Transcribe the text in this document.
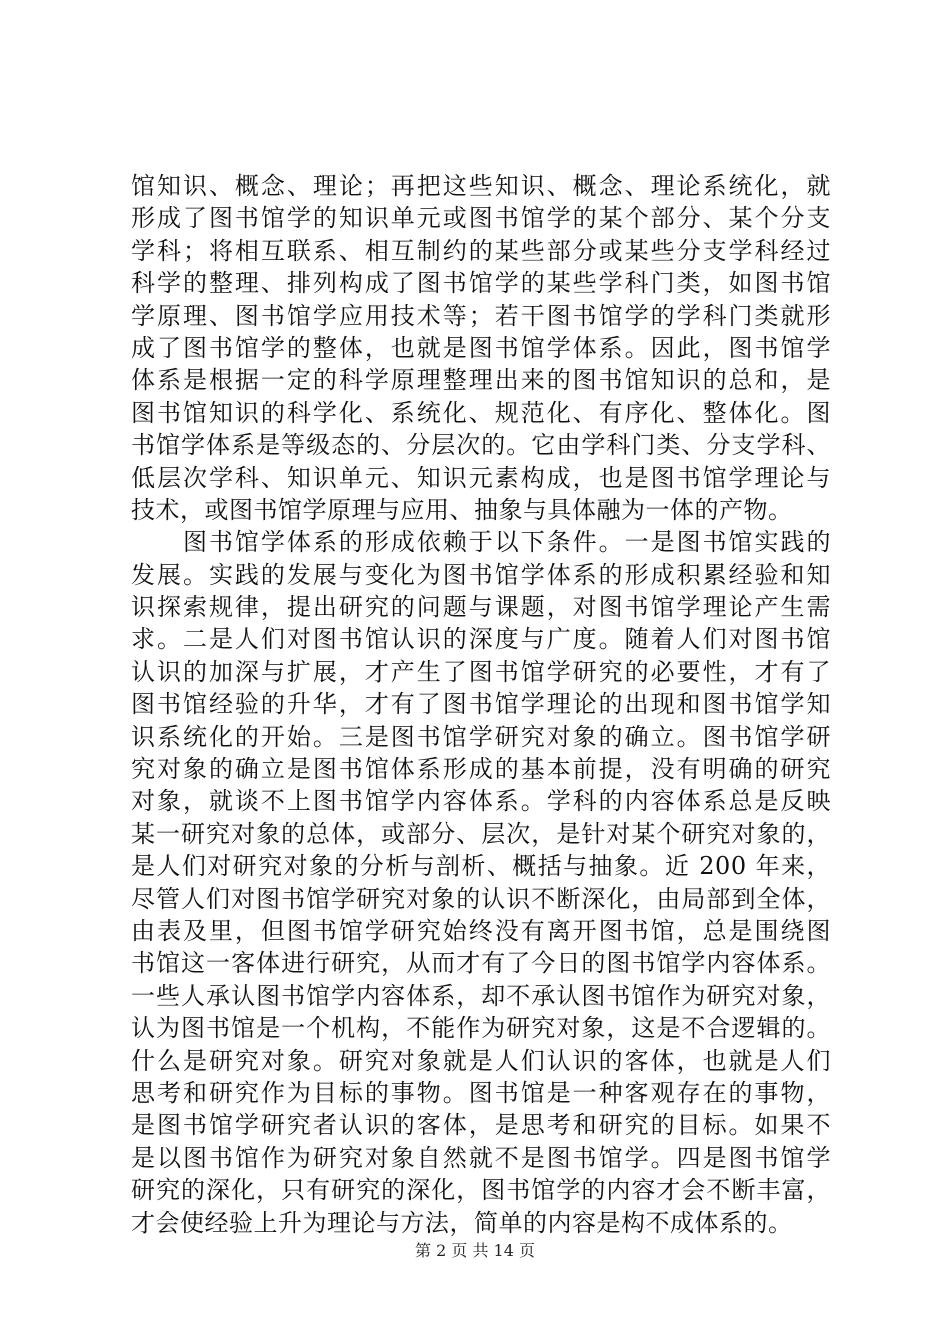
馆知识、概念、理论；再把这些知识、概念、理论系统化，就
形成了图书馆学的知识单元或图书馆学的某个部分、某个分支
学科；将相互联系、相互制约的某些部分或某些分支学科经过
科学的整理、排列构成了图书馆学的某些学科门类，如图书馆
学原理、图书馆学应用技术等；若干图书馆学的学科门类就形
成了图书馆学的整体，也就是图书馆学体系。因此，图书馆学
体系是根据一定的科学原理整理出来的图书馆知识的总和，是
图书馆知识的科学化、系统化、规范化、有序化、整体化。图
书馆学体系是等级态的、分层次的。它由学科门类、分支学科、
低层次学科、知识单元、知识元素构成，也是图书馆学理论与
技术，或图书馆学原理与应用、抽象与具体融为一体的产物。
　　图书馆学体系的形成依赖于以下条件。一是图书馆实践的
发展。实践的发展与变化为图书馆学体系的形成积累经验和知
识探索规律，提出研究的问题与课题，对图书馆学理论产生需
求。二是人们对图书馆认识的深度与广度。随着人们对图书馆
认识的加深与扩展，才产生了图书馆学研究的必要性，才有了
图书馆经验的升华，才有了图书馆学理论的出现和图书馆学知
识系统化的开始。三是图书馆学研究对象的确立。图书馆学研
究对象的确立是图书馆体系形成的基本前提，没有明确的研究
对象，就谈不上图书馆学内容体系。学科的内容体系总是反映
某一研究对象的总体，或部分、层次，是针对某个研究对象的，
是人们对研究对象的分析与剖析、概括与抽象。近 200 年来，
尽管人们对图书馆学研究对象的认识不断深化，由局部到全体，
由表及里，但图书馆学研究始终没有离开图书馆，总是围绕图
书馆这一客体进行研究，从而才有了今日的图书馆学内容体系。
一些人承认图书馆学内容体系，却不承认图书馆作为研究对象，
认为图书馆是一个机构，不能作为研究对象，这是不合逻辑的。
什么是研究对象。研究对象就是人们认识的客体，也就是人们
思考和研究作为目标的事物。图书馆是一种客观存在的事物，
是图书馆学研究者认识的客体，是思考和研究的目标。如果不
是以图书馆作为研究对象自然就不是图书馆学。四是图书馆学
研究的深化，只有研究的深化，图书馆学的内容才会不断丰富，
才会使经验上升为理论与方法，简单的内容是构不成体系的。
第 2 页 共 14 页
